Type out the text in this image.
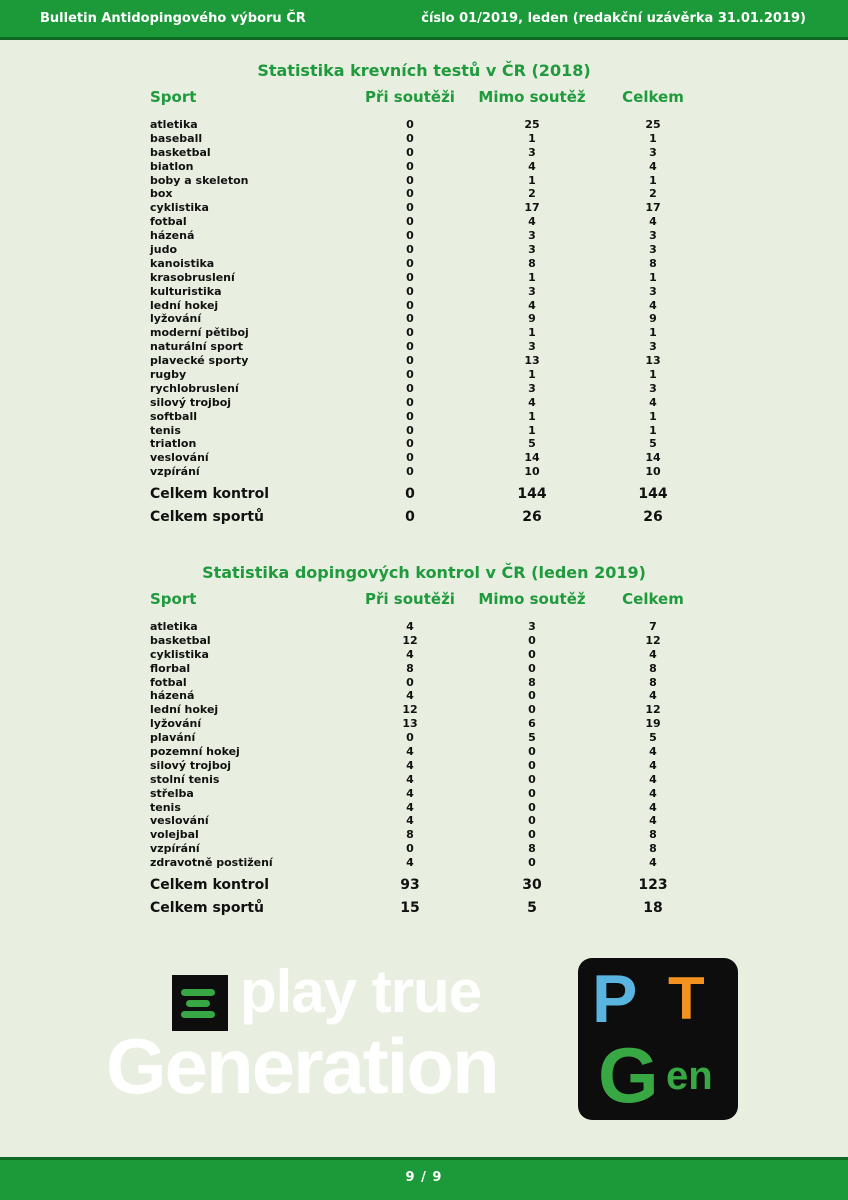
Bulletin Antidopingového výboru ČR	číslo 01/2019, leden (redakční uzávěrka 31.01.2019)
Statistika krevních testů v ČR (2018)
Sport	Při soutěži Mimo soutěž Celkem
atletika	0	25	25
baseball	0	1	1
basketbal	0	3	3
biatlon	0	4	4
boby a skeleton	0	1	1
box	0	2	2
cyklistika	0	17	17
fotbal	0	4	4
házená	0	3	3
judo	0	3	3
kanoistika	0	8	8
krasobruslení	0	1	1
kulturistika	0	3	3
lední hokej	0	4	4
lyžování	0	9	9
moderní pětiboj	0	1	1
naturální sport	0	3	3
plavecké sporty	0	13	13
rugby	0	1	1
rychlobruslení	0	3	3
silový trojboj	0	4	4
softball	0	1	1
tenis	0	1	1
triatlon	0	5	5
veslování	0	14	14
vzpírání	0	10	10
Celkem kontrol	0	144	144
Celkem sportů	0	26	26
Statistika dopingových kontrol v ČR (leden 2019)
Sport	Při soutěži Mimo soutěž Celkem
atletika	4	3	7
basketbal	12	0	12
cyklistika	4	0	4
florbal	8	0	8
fotbal	0	8	8
házená	4	0	4
lední hokej	12	0	12
lyžování	13	6	19
plavání	0	5	5
pozemní hokej	4	0	4
silový trojboj	4	0	4
stolní tenis	4	0	4
střelba	4	0	4
tenis	4	0	4
veslování	4	0	4
volejbal	8	0	8
vzpírání	0	8	8
zdravotně postižení	4	0	4
Celkem kontrol	93	30	123
Celkem sportů	15	5	18
play true
Generation
P T
G en
9 / 9
